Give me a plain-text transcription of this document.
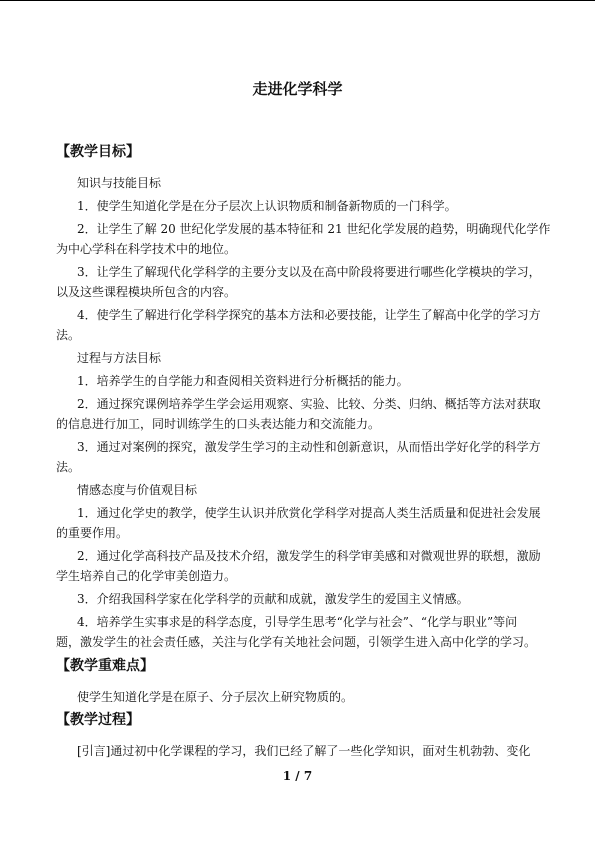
走进化学科学
【教学目标】
知识与技能目标
1．使学生知道化学是在分子层次上认识物质和制备新物质的一门科学。
2．让学生了解 20 世纪化学发展的基本特征和 21 世纪化学发展的趋势，明确现代化学作
为中心学科在科学技术中的地位。
3．让学生了解现代化学科学的主要分支以及在高中阶段将要进行哪些化学模块的学习，
以及这些课程模块所包含的内容。
4．使学生了解进行化学科学探究的基本方法和必要技能，让学生了解高中化学的学习方
法。
过程与方法目标
1．培养学生的自学能力和查阅相关资料进行分析概括的能力。
2．通过探究课例培养学生学会运用观察、实验、比较、分类、归纳、概括等方法对获取
的信息进行加工，同时训练学生的口头表达能力和交流能力。
3．通过对案例的探究，激发学生学习的主动性和创新意识，从而悟出学好化学的科学方
法。
情感态度与价值观目标
1．通过化学史的教学，使学生认识并欣赏化学科学对提高人类生活质量和促进社会发展
的重要作用。
2．通过化学高科技产品及技术介绍，激发学生的科学审美感和对微观世界的联想，激励
学生培养自己的化学审美创造力。
3．介绍我国科学家在化学科学的贡献和成就，激发学生的爱国主义情感。
4．培养学生实事求是的科学态度，引导学生思考“化学与社会”、“化学与职业”等问
题，激发学生的社会责任感，关注与化学有关地社会问题，引领学生进入高中化学的学习。
【教学重难点】
使学生知道化学是在原子、分子层次上研究物质的。
【教学过程】
[引言]通过初中化学课程的学习，我们已经了解了一些化学知识，面对生机勃勃、变化
1 / 7
